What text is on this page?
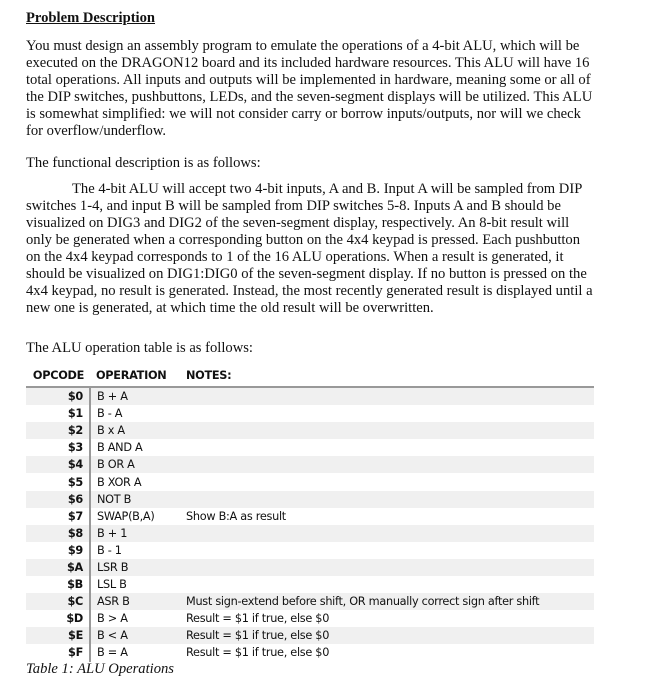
Problem Description
You must design an assembly program to emulate the operations of a 4-bit ALU, which will be
executed on the DRAGON12 board and its included hardware resources. This ALU will have 16
total operations. All inputs and outputs will be implemented in hardware, meaning some or all of
the DIP switches, pushbuttons, LEDs, and the seven-segment displays will be utilized. This ALU
is somewhat simplified: we will not consider carry or borrow inputs/outputs, nor will we check
for overflow/underflow.
The functional description is as follows:
The 4-bit ALU will accept two 4-bit inputs, A and B. Input A will be sampled from DIP
switches 1-4, and input B will be sampled from DIP switches 5-8. Inputs A and B should be
visualized on DIG3 and DIG2 of the seven-segment display, respectively. An 8-bit result will
only be generated when a corresponding button on the 4x4 keypad is pressed. Each pushbutton
on the 4x4 keypad corresponds to 1 of the 16 ALU operations. When a result is generated, it
should be visualized on DIG1:DIG0 of the seven-segment display. If no button is pressed on the
4x4 keypad, no result is generated. Instead, the most recently generated result is displayed until a
new one is generated, at which time the old result will be overwritten.
The ALU operation table is as follows:
OPCODE	OPERATION	NOTES:
$0	B + A	
$1	B - A	
$2	B x A	
$3	B AND A	
$4	B OR A	
$5	B XOR A	
$6	NOT B	
$7	SWAP(B,A)	Show B:A as result
$8	B + 1	
$9	B - 1	
$A	LSR B	
$B	LSL B	
$C	ASR B	Must sign-extend before shift, OR manually correct sign after shift
$D	B > A	Result = $1 if true, else $0
$E	B < A	Result = $1 if true, else $0
$F	B = A	Result = $1 if true, else $0
Table 1: ALU Operations
